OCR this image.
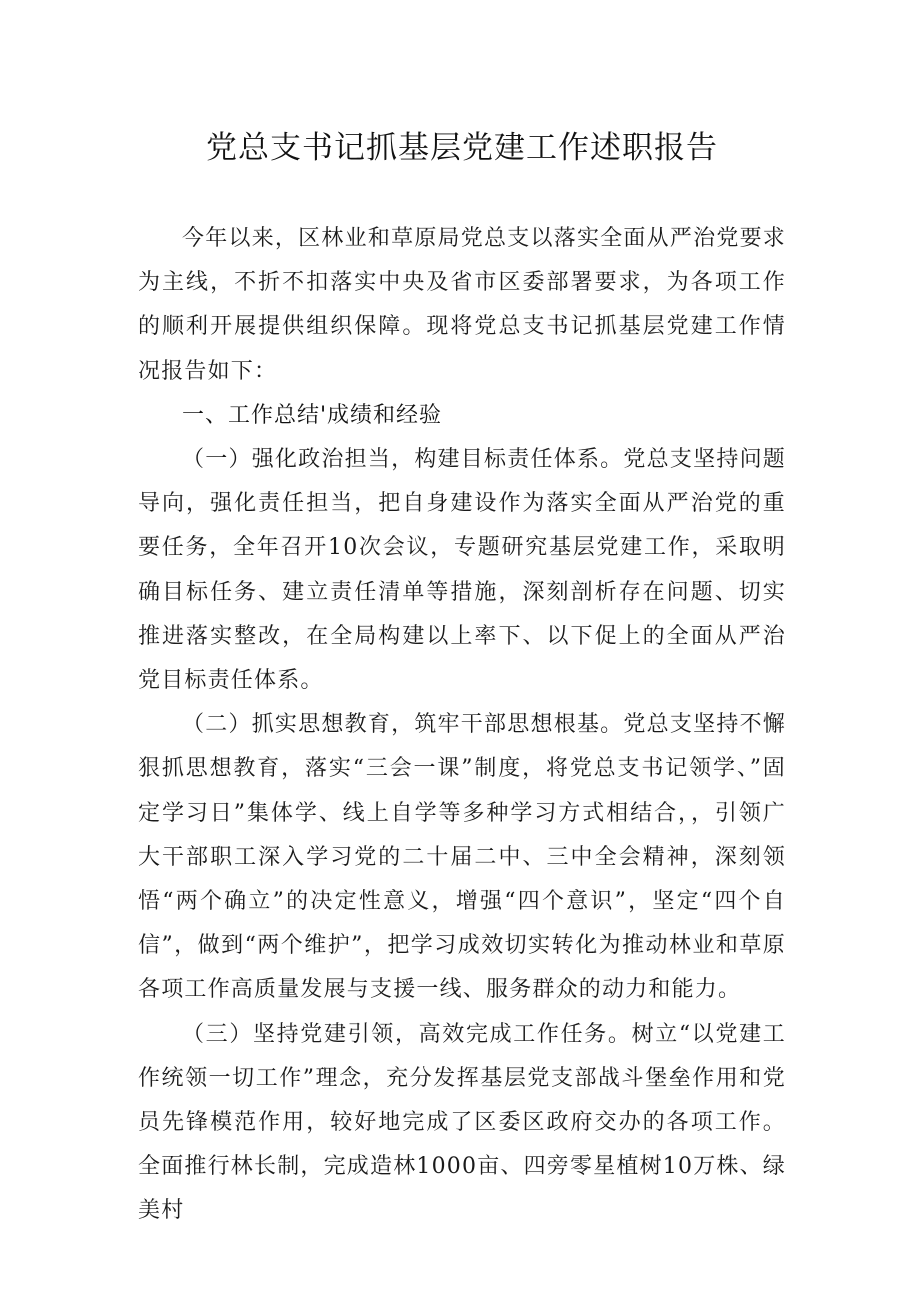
党总支书记抓基层党建工作述职报告

今年以来，区林业和草原局党总支以落实全面从严治党要求为主线，不折不扣落实中央及省市区委部署要求，为各项工作的顺利开展提供组织保障。现将党总支书记抓基层党建工作情况报告如下：

一、工作总结'成绩和经验

（一）强化政治担当，构建目标责任体系。党总支坚持问题导向，强化责任担当，把自身建设作为落实全面从严治党的重要任务，全年召开10次会议，专题研究基层党建工作，采取明确目标任务、建立责任清单等措施，深刻剖析存在问题、切实推进落实整改，在全局构建以上率下、以下促上的全面从严治党目标责任体系。

（二）抓实思想教育，筑牢干部思想根基。党总支坚持不懈狠抓思想教育，落实“三会一课”制度，将党总支书记领学、”固定学习日”集体学、线上自学等多种学习方式相结合，，引领广大干部职工深入学习党的二十届二中、三中全会精神，深刻领悟“两个确立”的决定性意义，增强“四个意识”，坚定“四个自信”，做到“两个维护”，把学习成效切实转化为推动林业和草原各项工作高质量发展与支援一线、服务群众的动力和能力。

（三）坚持党建引领，高效完成工作任务。树立“以党建工作统领一切工作”理念，充分发挥基层党支部战斗堡垒作用和党员先锋模范作用，较好地完成了区委区政府交办的各项工作。全面推行林长制，完成造林1000亩、四旁零星植树10万株、绿美村
